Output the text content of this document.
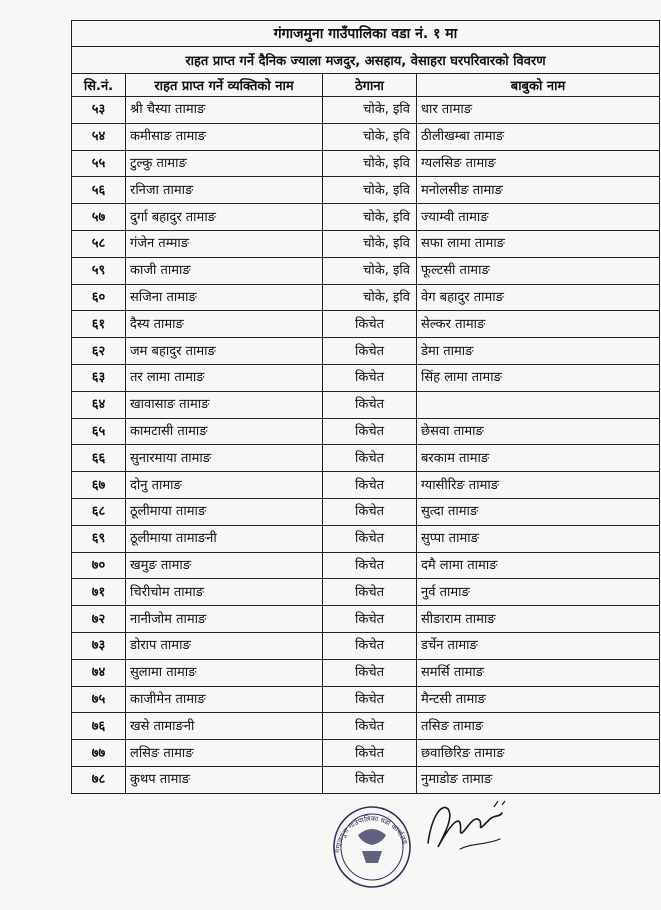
गंगाजमुना गाउँपालिका वडा नं. १ मा			
राहत प्राप्त गर्ने दैनिक ज्याला मजदुर, असहाय, वेसाहरा घरपरिवारको विवरण			
सि.नं.	राहत प्राप्त गर्ने व्यक्तिको नाम	ठेगाना	बाबुको नाम
५३	श्री चैस्या तामाङ	चोके, इवि	धार तामाङ
५४	कमीसाङ तामाङ	चोके, इवि	ठीलीखम्बा तामाङ
५५	टुल्कु तामाङ	चोके, इवि	ग्यलसिङ तामाङ
५६	रनिजा तामाङ	चोके, इवि	मनोलसीङ तामाङ
५७	दुर्गा बहादुर तामाङ	चोके, इवि	ज्याम्वी तामाङ
५८	गंजेन तम्माङ	चोके, इवि	सफा लामा तामाङ
५९	काजी तामाङ	चोके, इवि	फूल्टसी तामाङ
६०	सजिना तामाङ	चोके, इवि	वेग बहादुर तामाङ
६१	दैस्य तामाङ	किचेत	सेल्कर तामाङ
६२	जम बहादुर तामाङ	किचेत	डेमा तामाङ
६३	तर लामा तामाङ	किचेत	सिंह लामा तामाङ
६४	खावासाङ तामाङ	किचेत	
६५	कामटासी तामाङ	किचेत	छेसवा तामाङ
६६	सुनारमाया तामाङ	किचेत	बरकाम तामाङ
६७	दोनु तामाङ	किचेत	ग्यासीरिङ तामाङ
६८	ठूलीमाया तामाङ	किचेत	सुत्दा तामाङ
६९	ठूलीमाया तामाङनी	किचेत	सुप्पा तामाङ
७०	खमुङ तामाङ	किचेत	दमै लामा तामाङ
७१	चिरीचोम तामाङ	किचेत	नुर्व तामाङ
७२	नानीजोम तामाङ	किचेत	सीङाराम तामाङ
७३	डोराप तामाङ	किचेत	डर्चेन तामाङ
७४	सुलामा तामाङ	किचेत	समर्सि तामाङ
७५	काजीमेन तामाङ	किचेत	मैन्टसी तामाङ
७६	खसे तामाङनी	किचेत	तसिङ तामाङ
७७	लसिङ तामाङ	किचेत	छवाछिरिङ तामाङ
७८	कुथप तामाङ	किचेत	नुमाडोङ तामाङ
गंगाजमुना गाउँपालिका वडा कार्यालय
